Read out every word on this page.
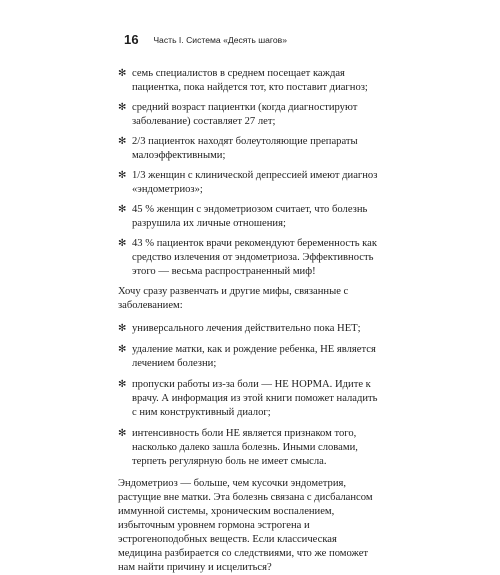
16 Часть I. Система «Десять шагов»
✻ семь специалистов в среднем посещает каждая пациентка, пока найдется тот, кто поставит диагноз;
✻ средний возраст пациентки (когда диагностируют заболевание) составляет 27 лет;
✻ 2/3 пациенток находят болеутоляющие препараты малоэффективными;
✻ 1/3 женщин с клинической депрессией имеют диагноз «эндометриоз»;
✻ 45 % женщин с эндометриозом считает, что болезнь разрушила их личные отношения;
✻ 43 % пациенток врачи рекомендуют беременность как средство излечения от эндометриоза. Эффективность этого — весьма распространенный миф!

Хочу сразу развенчать и другие мифы, связанные с заболеванием:

✻ универсального лечения действительно пока НЕТ;
✻ удаление матки, как и рождение ребенка, НЕ является лечением болезни;
✻ пропуски работы из-за боли — НЕ НОРМА. Идите к врачу. А информация из этой книги поможет наладить с ним конструктивный диалог;
✻ интенсивность боли НЕ является признаком того, насколько далеко зашла болезнь. Иными словами, терпеть регулярную боль не имеет смысла.

Эндометриоз — больше, чем кусочки эндометрия, растущие вне матки. Эта болезнь связана с дисбалансом иммунной системы, хроническим воспалением, избыточным уровнем гормона эстрогена и эстрогеноподобных веществ. Если классическая медицина разбирается со следствиями, что же поможет нам найти причину и исцелиться?
